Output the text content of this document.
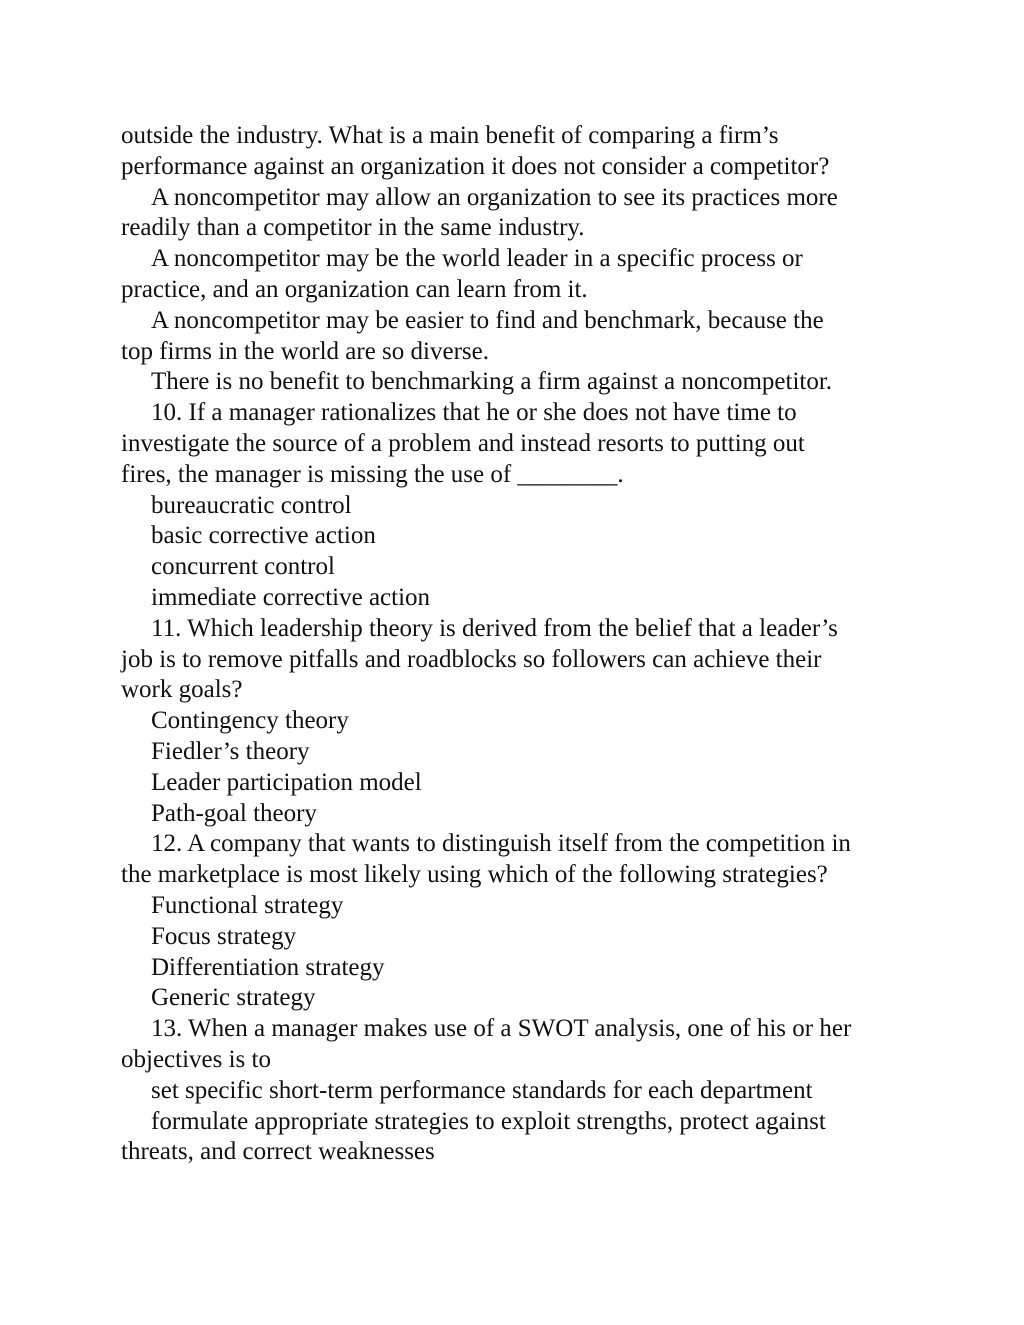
outside the industry. What is a main benefit of comparing a firm’s
performance against an organization it does not consider a competitor?
A noncompetitor may allow an organization to see its practices more
readily than a competitor in the same industry.
A noncompetitor may be the world leader in a specific process or
practice, and an organization can learn from it.
A noncompetitor may be easier to find and benchmark, because the
top firms in the world are so diverse.
There is no benefit to benchmarking a firm against a noncompetitor.
10. If a manager rationalizes that he or she does not have time to
investigate the source of a problem and instead resorts to putting out
fires, the manager is missing the use of ________.
bureaucratic control
basic corrective action
concurrent control
immediate corrective action
11. Which leadership theory is derived from the belief that a leader’s
job is to remove pitfalls and roadblocks so followers can achieve their
work goals?
Contingency theory
Fiedler’s theory
Leader participation model
Path-goal theory
12. A company that wants to distinguish itself from the competition in
the marketplace is most likely using which of the following strategies?
Functional strategy
Focus strategy
Differentiation strategy
Generic strategy
13. When a manager makes use of a SWOT analysis, one of his or her
objectives is to
set specific short-term performance standards for each department
formulate appropriate strategies to exploit strengths, protect against
threats, and correct weaknesses
